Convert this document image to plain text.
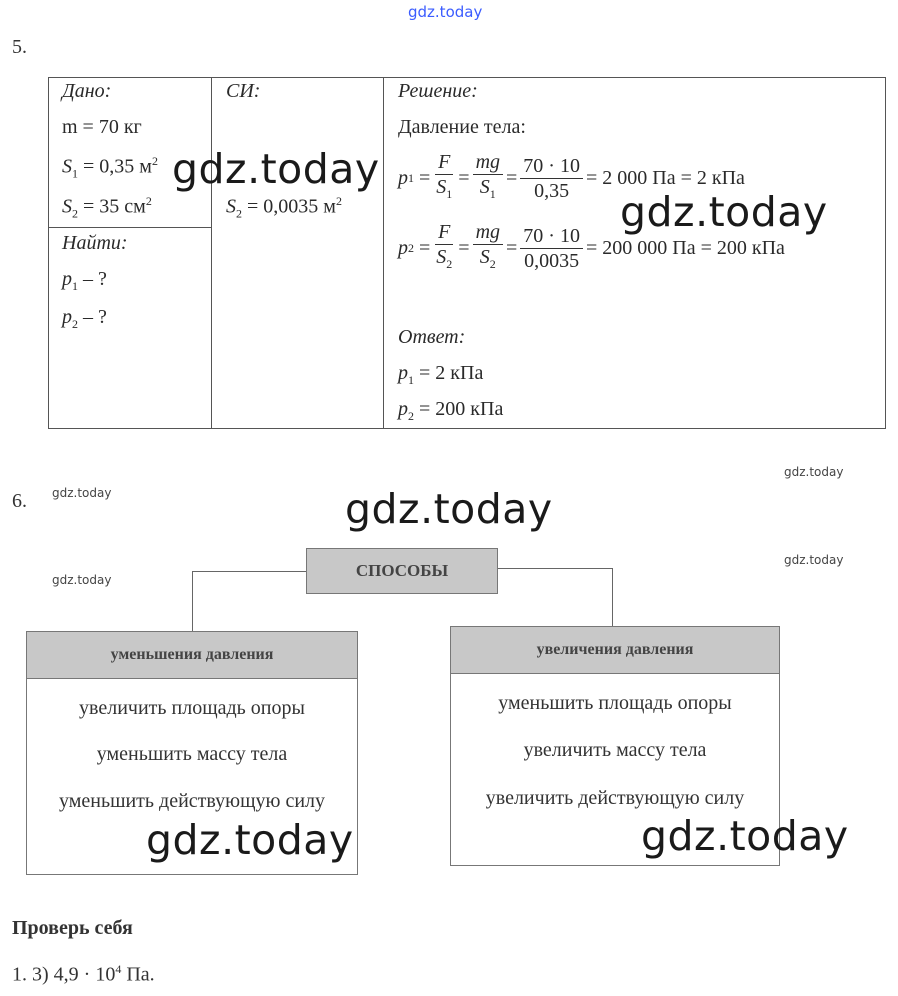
gdz.today
5.
Дано:
m = 70 кг
$S_1 = 0,35$ $м^2$
$S_2 = 35$ $см^2$
Найти:
$p_1$ – ?
$p_2$ – ?
СИ:
$S_2 = 0,0035$ $м^2$
Решение:
Давление тела:
p $1 = \frac{F}{S_1} = \frac{mg}{S_1} = \frac{70 \cdot 10}{0,35} = 2$ 000 Па = 2 кПа
p $2 = \frac{F}{S_2} = \frac{mg}{S_2} = \frac{70 \cdot 10}{0,0035} = 200$ 000 Па = 200 кПа
Ответ:
$p_1 = 2$ кПа
$p_2 = 200$ кПа
gdz.today
gdz.today
gdz.today
6. gdz.today	gdz.today
gdz.today
gdz.today	СПОСОБЫ
уменьшения давления
увеличить площадь опоры
уменьшить массу тела
уменьшить действующую силу
увеличения давления
уменьшить площадь опоры
увеличить массу тела
увеличить действующую силу
gdz.today	gdz.today
Проверь себя
1. 3) $4,9 \cdot 10^4$ Па.
